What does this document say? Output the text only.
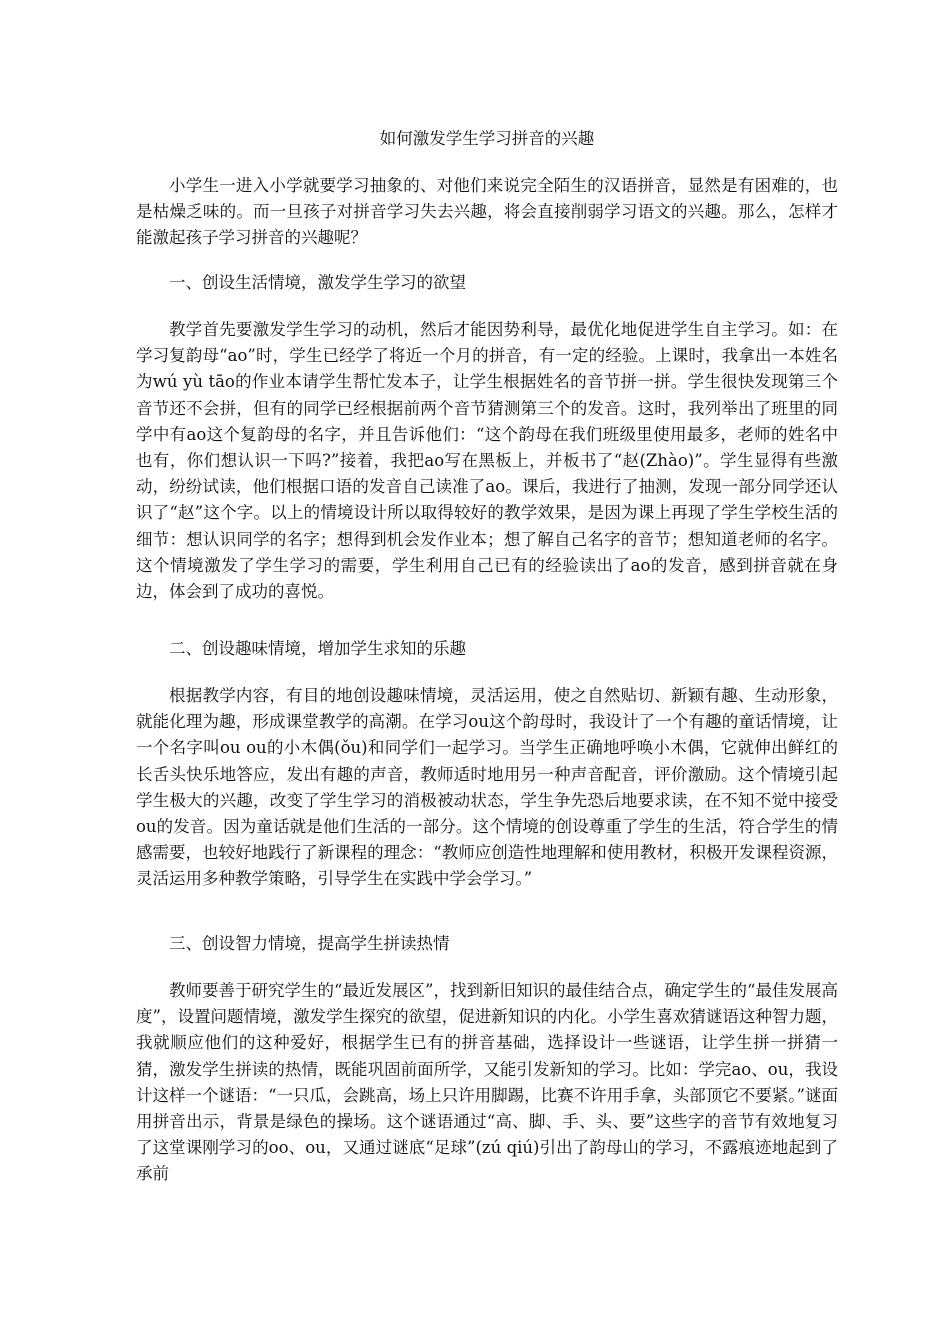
如何激发学生学习拼音的兴趣

小学生一进入小学就要学习抽象的、对他们来说完全陌生的汉语拼音，显然是有困难的，也是枯燥乏味的。而一旦孩子对拼音学习失去兴趣，将会直接削弱学习语文的兴趣。那么，怎样才能激起孩子学习拼音的兴趣呢？

一、创设生活情境，激发学生学习的欲望

教学首先要激发学生学习的动机，然后才能因势利导，最优化地促进学生自主学习。如：在学习复韵母“ao”时，学生已经学了将近一个月的拼音，有一定的经验。上课时，我拿出一本姓名为wú yù tāo的作业本请学生帮忙发本子，让学生根据姓名的音节拼一拼。学生很快发现第三个音节还不会拼，但有的同学已经根据前两个音节猜测第三个的发音。这时，我列举出了班里的同学中有ao这个复韵母的名字，并且告诉他们：“这个韵母在我们班级里使用最多，老师的姓名中也有，你们想认识一下吗?”接着，我把ao写在黑板上，并板书了“赵(Zhào)”。学生显得有些激动，纷纷试读，他们根据口语的发音自己读准了ao。课后，我进行了抽测，发现一部分同学还认识了“赵”这个字。以上的情境设计所以取得较好的教学效果，是因为课上再现了学生学校生活的细节：想认识同学的名字；想得到机会发作业本；想了解自己名字的音节；想知道老师的名字。这个情境激发了学生学习的需要，学生利用自己已有的经验读出了ao的发音，感到拼音就在身边，体会到了成功的喜悦。

二、创设趣味情境，增加学生求知的乐趣

根据教学内容，有目的地创设趣味情境，灵活运用，使之自然贴切、新颖有趣、生动形象，就能化理为趣，形成课堂教学的高潮。在学习ou这个韵母时，我设计了一个有趣的童话情境，让一个名字叫ou ou的小木偶(ǒu)和同学们一起学习。当学生正确地呼唤小木偶，它就伸出鲜红的长舌头快乐地答应，发出有趣的声音，教师适时地用另一种声音配音，评价激励。这个情境引起学生极大的兴趣，改变了学生学习的消极被动状态，学生争先恐后地要求读，在不知不觉中接受ou的发音。因为童话就是他们生活的一部分。这个情境的创设尊重了学生的生活，符合学生的情感需要，也较好地践行了新课程的理念：“教师应创造性地理解和使用教材，积极开发课程资源，灵活运用多种教学策略，引导学生在实践中学会学习。”

三、创设智力情境，提高学生拼读热情

教师要善于研究学生的“最近发展区”，找到新旧知识的最佳结合点，确定学生的“最佳发展高度”，设置问题情境，激发学生探究的欲望，促进新知识的内化。小学生喜欢猜谜语这种智力题，我就顺应他们的这种爱好，根据学生已有的拼音基础，选择设计一些谜语，让学生拼一拼猜一猜，激发学生拼读的热情，既能巩固前面所学，又能引发新知的学习。比如：学完ao、ou，我设计这样一个谜语：“一只瓜，会跳高，场上只许用脚踢，比赛不许用手拿，头部顶它不要紧。”谜面用拼音出示，背景是绿色的操场。这个谜语通过“高、脚、手、头、要”这些字的音节有效地复习了这堂课刚学习的oo、ou，又通过谜底“足球”(zú qiú)引出了韵母山的学习，不露痕迹地起到了承前
